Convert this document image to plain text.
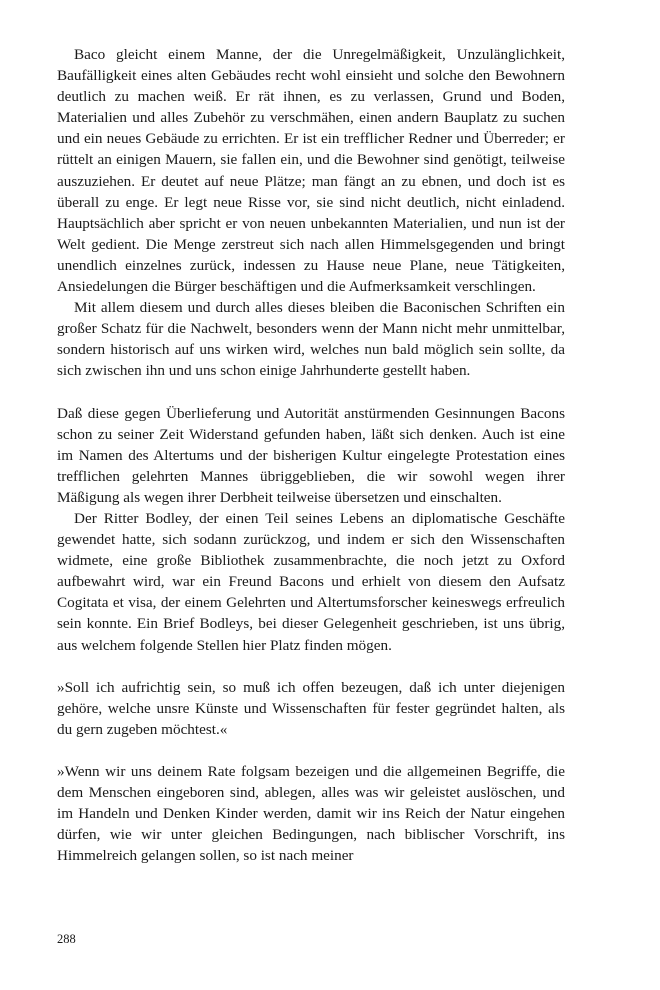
Baco gleicht einem Manne, der die Unregelmäßigkeit, Unzulänglichkeit, Baufälligkeit eines alten Gebäudes recht wohl einsieht und solche den Bewohnern deutlich zu machen weiß. Er rät ihnen, es zu verlassen, Grund und Boden, Materialien und alles Zubehör zu verschmähen, einen andern Bauplatz zu suchen und ein neues Gebäude zu errichten. Er ist ein trefflicher Redner und Überreder; er rüttelt an einigen Mauern, sie fallen ein, und die Bewohner sind genötigt, teilweise auszuziehen. Er deutet auf neue Plätze; man fängt an zu ebnen, und doch ist es überall zu enge. Er legt neue Risse vor, sie sind nicht deutlich, nicht einladend. Hauptsächlich aber spricht er von neuen unbekannten Materialien, und nun ist der Welt gedient. Die Menge zerstreut sich nach allen Himmelsgegenden und bringt unendlich einzelnes zurück, indessen zu Hause neue Plane, neue Tätigkeiten, Ansiedelungen die Bürger beschäftigen und die Aufmerksamkeit verschlingen.

Mit allem diesem und durch alles dieses bleiben die Baconischen Schriften ein großer Schatz für die Nachwelt, besonders wenn der Mann nicht mehr unmittelbar, sondern historisch auf uns wirken wird, welches nun bald möglich sein sollte, da sich zwischen ihn und uns schon einige Jahrhunderte gestellt haben.

Daß diese gegen Überlieferung und Autorität anstürmenden Gesinnungen Bacons schon zu seiner Zeit Widerstand gefunden haben, läßt sich denken. Auch ist eine im Namen des Altertums und der bisherigen Kultur eingelegte Protestation eines trefflichen gelehrten Mannes übriggeblieben, die wir sowohl wegen ihrer Mäßigung als wegen ihrer Derbheit teilweise übersetzen und einschalten.

Der Ritter Bodley, der einen Teil seines Lebens an diplomatische Geschäfte gewendet hatte, sich sodann zurückzog, und indem er sich den Wissenschaften widmete, eine große Bibliothek zusammenbrachte, die noch jetzt zu Oxford aufbewahrt wird, war ein Freund Bacons und erhielt von diesem den Aufsatz Cogitata et visa, der einem Gelehrten und Altertumsforscher keineswegs erfreulich sein konnte. Ein Brief Bodleys, bei dieser Gelegenheit geschrieben, ist uns übrig, aus welchem folgende Stellen hier Platz finden mögen.

»Soll ich aufrichtig sein, so muß ich offen bezeugen, daß ich unter diejenigen gehöre, welche unsre Künste und Wissenschaften für fester gegründet halten, als du gern zugeben möchtest.«

»Wenn wir uns deinem Rate folgsam bezeigen und die allgemeinen Begriffe, die dem Menschen eingeboren sind, ablegen, alles was wir geleistet auslöschen, und im Handeln und Denken Kinder werden, damit wir ins Reich der Natur eingehen dürfen, wie wir unter gleichen Bedingungen, nach biblischer Vorschrift, ins Himmelreich gelangen sollen, so ist nach meiner

288
